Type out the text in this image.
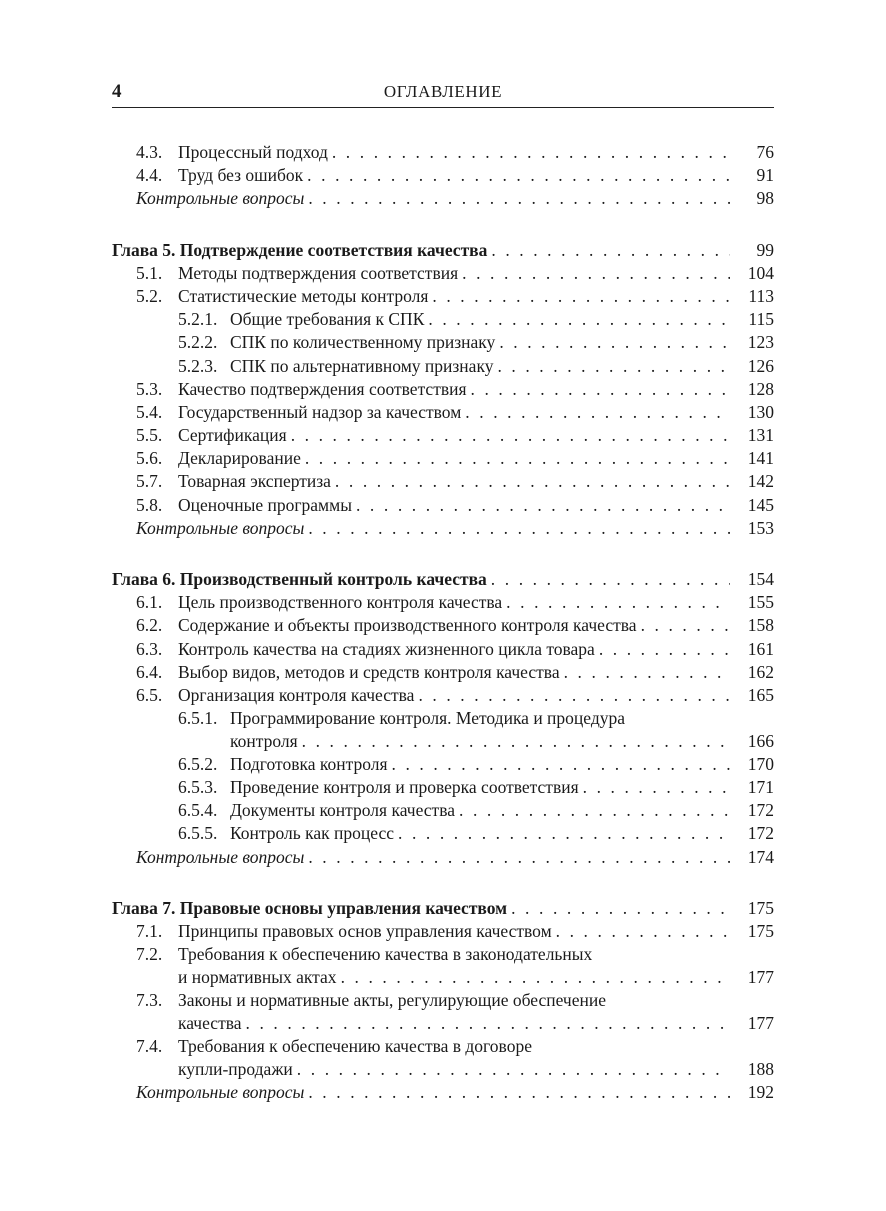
4	ОГЛАВЛЕНИЕ
4.3. Процессный подход . . .	76
4.4. Труд без ошибок . . .	91
Контрольные вопросы . . .	98
Глава 5. Подтверждение соответствия качества . . .	99
5.1. Методы подтверждения соответствия . . .	104
5.2. Статистические методы контроля . . .	113
5.2.1. Общие требования к СПК . . .	115
5.2.2. СПК по количественному признаку . . .	123
5.2.3. СПК по альтернативному признаку . . .	126
5.3. Качество подтверждения соответствия . . .	128
5.4. Государственный надзор за качеством . . .	130
5.5. Сертификация . . .	131
5.6. Декларирование . . .	141
5.7. Товарная экспертиза . . .	142
5.8. Оценочные программы . . .	145
Контрольные вопросы . . .	153
Глава 6. Производственный контроль качества . . .	154
6.1. Цель производственного контроля качества . . .	155
6.2. Содержание и объекты производственного контроля качества . . .	158
6.3. Контроль качества на стадиях жизненного цикла товара . . .	161
6.4. Выбор видов, методов и средств контроля качества . . .	162
6.5. Организация контроля качества . . .	165
6.5.1. Программирование контроля. Методика и процедура
контроля . . .	166
6.5.2. Подготовка контроля . . .	170
6.5.3. Проведение контроля и проверка соответствия . . .	171
6.5.4. Документы контроля качества . . .	172
6.5.5. Контроль как процесс . . .	172
Контрольные вопросы . . .	174
Глава 7. Правовые основы управления качеством . . .	175
7.1. Принципы правовых основ управления качеством . . .	175
7.2. Требования к обеспечению качества в законодательных
и нормативных актах . . .	177
7.3. Законы и нормативные акты, регулирующие обеспечение
качества . . .	177
7.4. Требования к обеспечению качества в договоре
купли-продажи . . .	188
Контрольные вопросы . . .	192
